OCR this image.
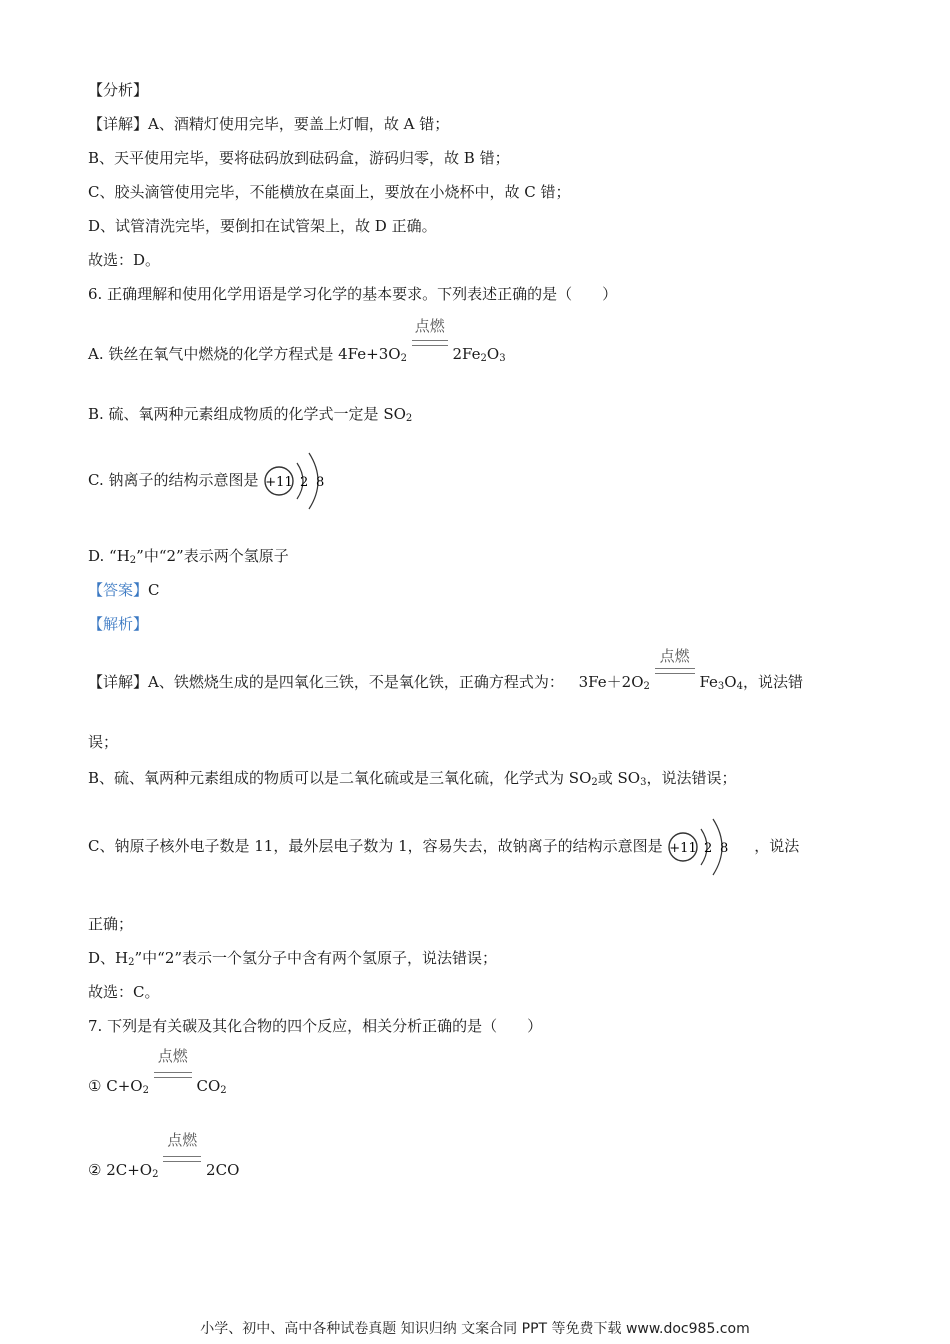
【分析】
【详解】A、酒精灯使用完毕，要盖上灯帽，故 A 错；
B、天平使用完毕，要将砝码放到砝码盒，游码归零，故 B 错；
C、胶头滴管使用完毕，不能横放在桌面上，要放在小烧杯中，故 C 错；
D、试管清洗完毕，要倒扣在试管架上，故 D 正确。
故选：D。
6. 正确理解和使用化学用语是学习化学的基本要求。下列表述正确的是（　　）
A. 铁丝在氧气中燃烧的化学方程式是 $4Fe+3O_2$
点燃
$2Fe_2O_3$
B. 硫、氧两种元素组成物质的化学式一定是 $SO_2$
C. 钠离子的结构示意图是 +11 2 8
D. “$H_2$”中“2”表示两个氢原子
【答案】C
【解析】
【详解】A、铁燃烧生成的是四氧化三铁，不是氧化铁，正确方程式为： $3Fe+2O_2$
点燃
$Fe_3O_4$，说法错
误；
B、硫、氧两种元素组成的物质可以是二氧化硫或是三氧化硫，化学式为 $SO_2$或 $SO_3$，说法错误；
C、钠原子核外电子数是 11，最外层电子数为 1，容易失去，故钠离子的结构示意图是 +11 2 8 ，说法
正确；
D、$H_2$”中“2”表示一个氢分子中含有两个氢原子，说法错误；
故选：C。
7. 下列是有关碳及其化合物的四个反应，相关分析正确的是（　　）
① $C+O_2$
点燃
$CO_2$
② $2C+O_2$
点燃
2CO
小学、初中、高中各种试卷真题 知识归纳 文案合同 PPT 等免费下载 www.doc985.com
